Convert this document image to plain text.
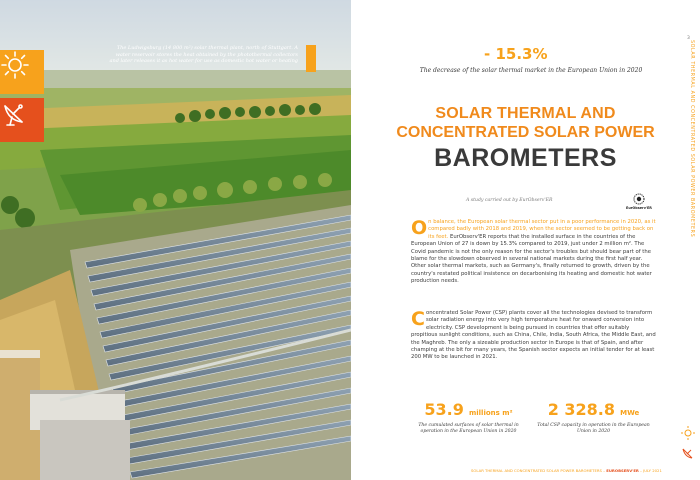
The Ludwigsburg (14 800 m²) solar thermal plant, north of Stuttgart. A water reservoir stores the heat obtained by the photothermal collectors and later releases it as hot water for use as domestic hot water or heating
3
SOLAR THERMAL AND CONCENTRATED SOLAR POWER BAROMETERS
- 15.3%
The decrease of the solar thermal market in the European Union in 2020
SOLAR THERMAL AND
CONCENTRATED SOLAR POWER
BAROMETERS
A study carried out by EurObserv'ER
EurObserv'ER
On balance, the European solar thermal sector put in a poor performance in 2020, as it compared badly with 2018 and 2019, when the sector seemed to be getting back on its feet. EurObserv'ER reports that the installed surface in the countries of the European Union of 27 is down by 15.3% compared to 2019, just under 2 million m². The Covid pandemic is not the only reason for the sector's troubles but should bear part of the blame for the slowdown observed in several national markets during the first half year. Other solar thermal markets, such as Germany's, finally returned to growth, driven by the country's restated political insistence on decarbonising its heating and domestic hot water production needs.
Concentrated Solar Power (CSP) plants cover all the technologies devised to transform solar radiation energy into very high temperature heat for onward conversion into electricity. CSP development is being pursued in countries that offer suitably propitious sunlight conditions, such as China, Chile, India, South Africa, the Middle East, and the Maghreb. The only a sizeable production sector in Europe is that of Spain, and after champing at the bit for many years, the Spanish sector expects an initial tender for at least 200 MW to be launched in 2021.
53.9 millions m²
The cumulated surfaces of solar thermal in operation in the European Union in 2020
2 328.8 MWe
Total CSP capacity in operation in the European Union in 2020

SOLAR THERMAL AND CONCENTRATED SOLAR POWER BAROMETERS – EUROBSERV'ER – JULY 2021
